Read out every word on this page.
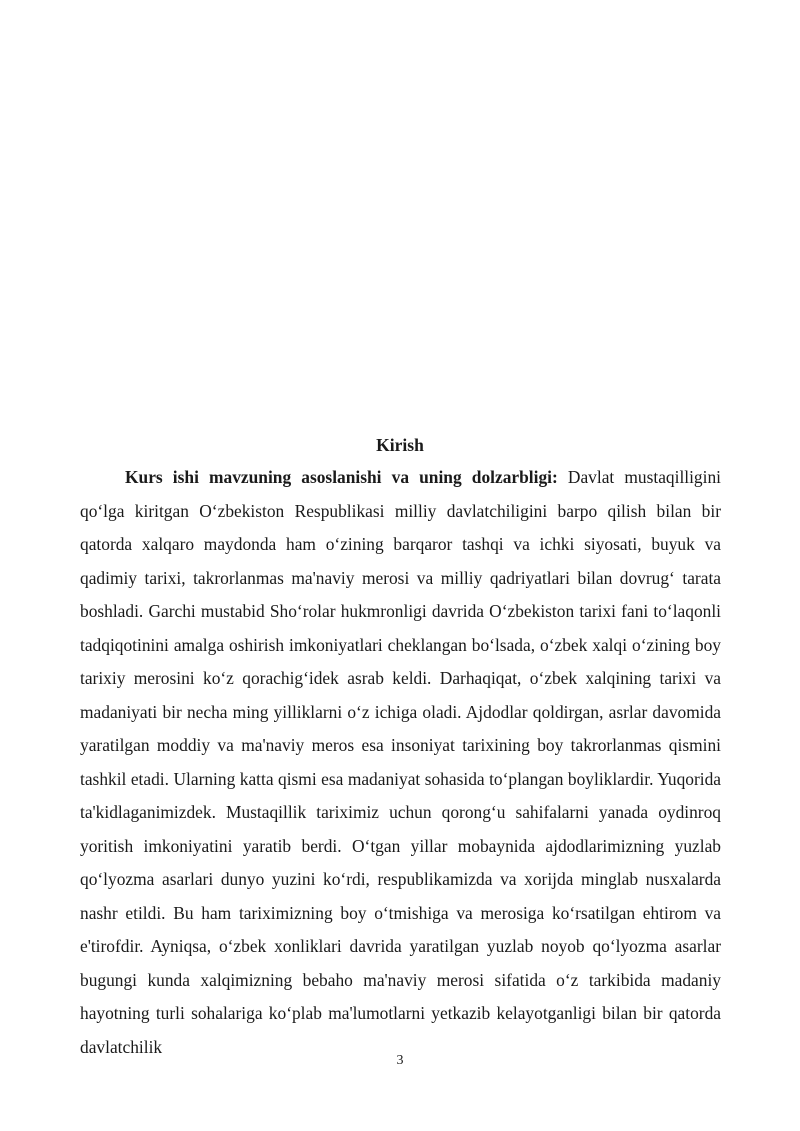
Kirish

Kurs ishi mavzuning asoslanishi va uning dolzarbligi: Davlat mustaqilligini qo‘lga kiritgan O‘zbekiston Respublikasi milliy davlatchiligini barpo qilish bilan bir qatorda xalqaro maydonda ham o‘zining barqaror tashqi va ichki siyosati, buyuk va qadimiy tarixi, takrorlanmas ma'naviy merosi va milliy qadriyatlari bilan dovrug‘ tarata boshladi. Garchi mustabid Sho‘rolar hukmronligi davrida O‘zbekiston tarixi fani to‘laqonli tadqiqotinini amalga oshirish imkoniyatlari cheklangan bo‘lsada, o‘zbek xalqi o‘zining boy tarixiy merosini ko‘z qorachig‘idek asrab keldi. Darhaqiqat, o‘zbek xalqining tarixi va madaniyati bir necha ming yilliklarni o‘z ichiga oladi. Ajdodlar qoldirgan, asrlar davomida yaratilgan moddiy va ma'naviy meros esa insoniyat tarixining boy takrorlanmas qismini tashkil etadi. Ularning katta qismi esa madaniyat sohasida to‘plangan boyliklardir. Yuqorida ta'kidlaganimizdek. Mustaqillik tariximiz uchun qorong‘u sahifalarni yanada oydinroq yoritish imkoniyatini yaratib berdi. O‘tgan yillar mobaynida ajdodlarimizning yuzlab qo‘lyozma asarlari dunyo yuzini ko‘rdi, respublikamizda va xorijda minglab nusxalarda nashr etildi. Bu ham tariximizning boy o‘tmishiga va merosiga ko‘rsatilgan ehtirom va e'tirofdir. Ayniqsa, o‘zbek xonliklari davrida yaratilgan yuzlab noyob qo‘lyozma asarlar bugungi kunda xalqimizning bebaho ma'naviy merosi sifatida o‘z tarkibida madaniy hayotning turli sohalariga ko‘plab ma'lumotlarni yetkazib kelayotganligi bilan bir qatorda davlatchilik

3
